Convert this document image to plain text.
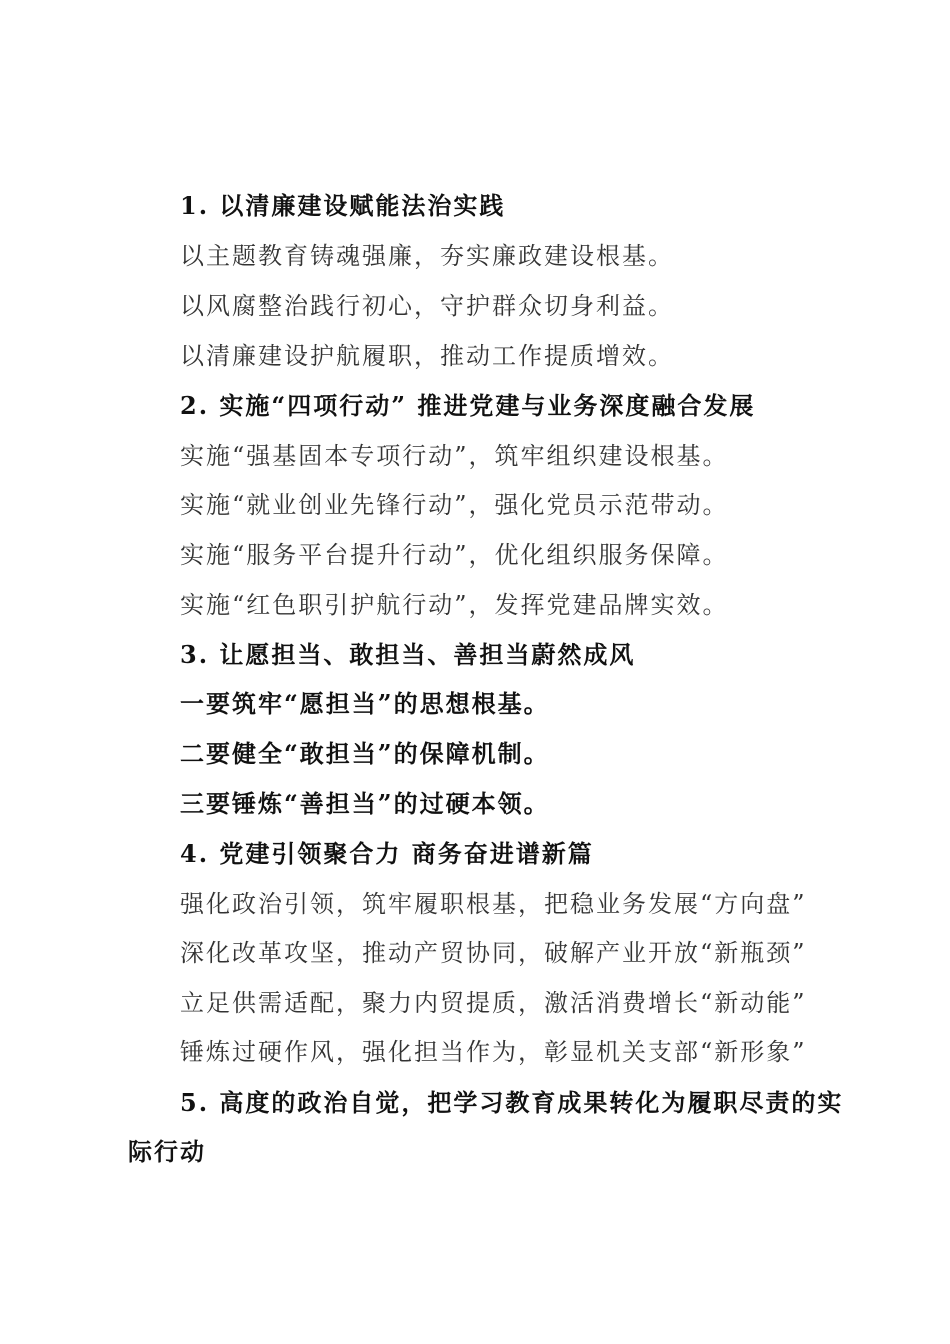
1. 以清廉建设赋能法治实践
以主题教育铸魂强廉，夯实廉政建设根基。
以风腐整治践行初心，守护群众切身利益。
以清廉建设护航履职，推动工作提质增效。
2. 实施“四项行动” 推进党建与业务深度融合发展
实施“强基固本专项行动”，筑牢组织建设根基。
实施“就业创业先锋行动”，强化党员示范带动。
实施“服务平台提升行动”，优化组织服务保障。
实施“红色职引护航行动”，发挥党建品牌实效。
3. 让愿担当、敢担当、善担当蔚然成风
一要筑牢“愿担当”的思想根基。
二要健全“敢担当”的保障机制。
三要锤炼“善担当”的过硬本领。
4. 党建引领聚合力 商务奋进谱新篇
强化政治引领，筑牢履职根基，把稳业务发展“方向盘”
深化改革攻坚，推动产贸协同，破解产业开放“新瓶颈”
立足供需适配，聚力内贸提质，激活消费增长“新动能”
锤炼过硬作风，强化担当作为，彰显机关支部“新形象”
5. 高度的政治自觉，把学习教育成果转化为履职尽责的实
际行动
